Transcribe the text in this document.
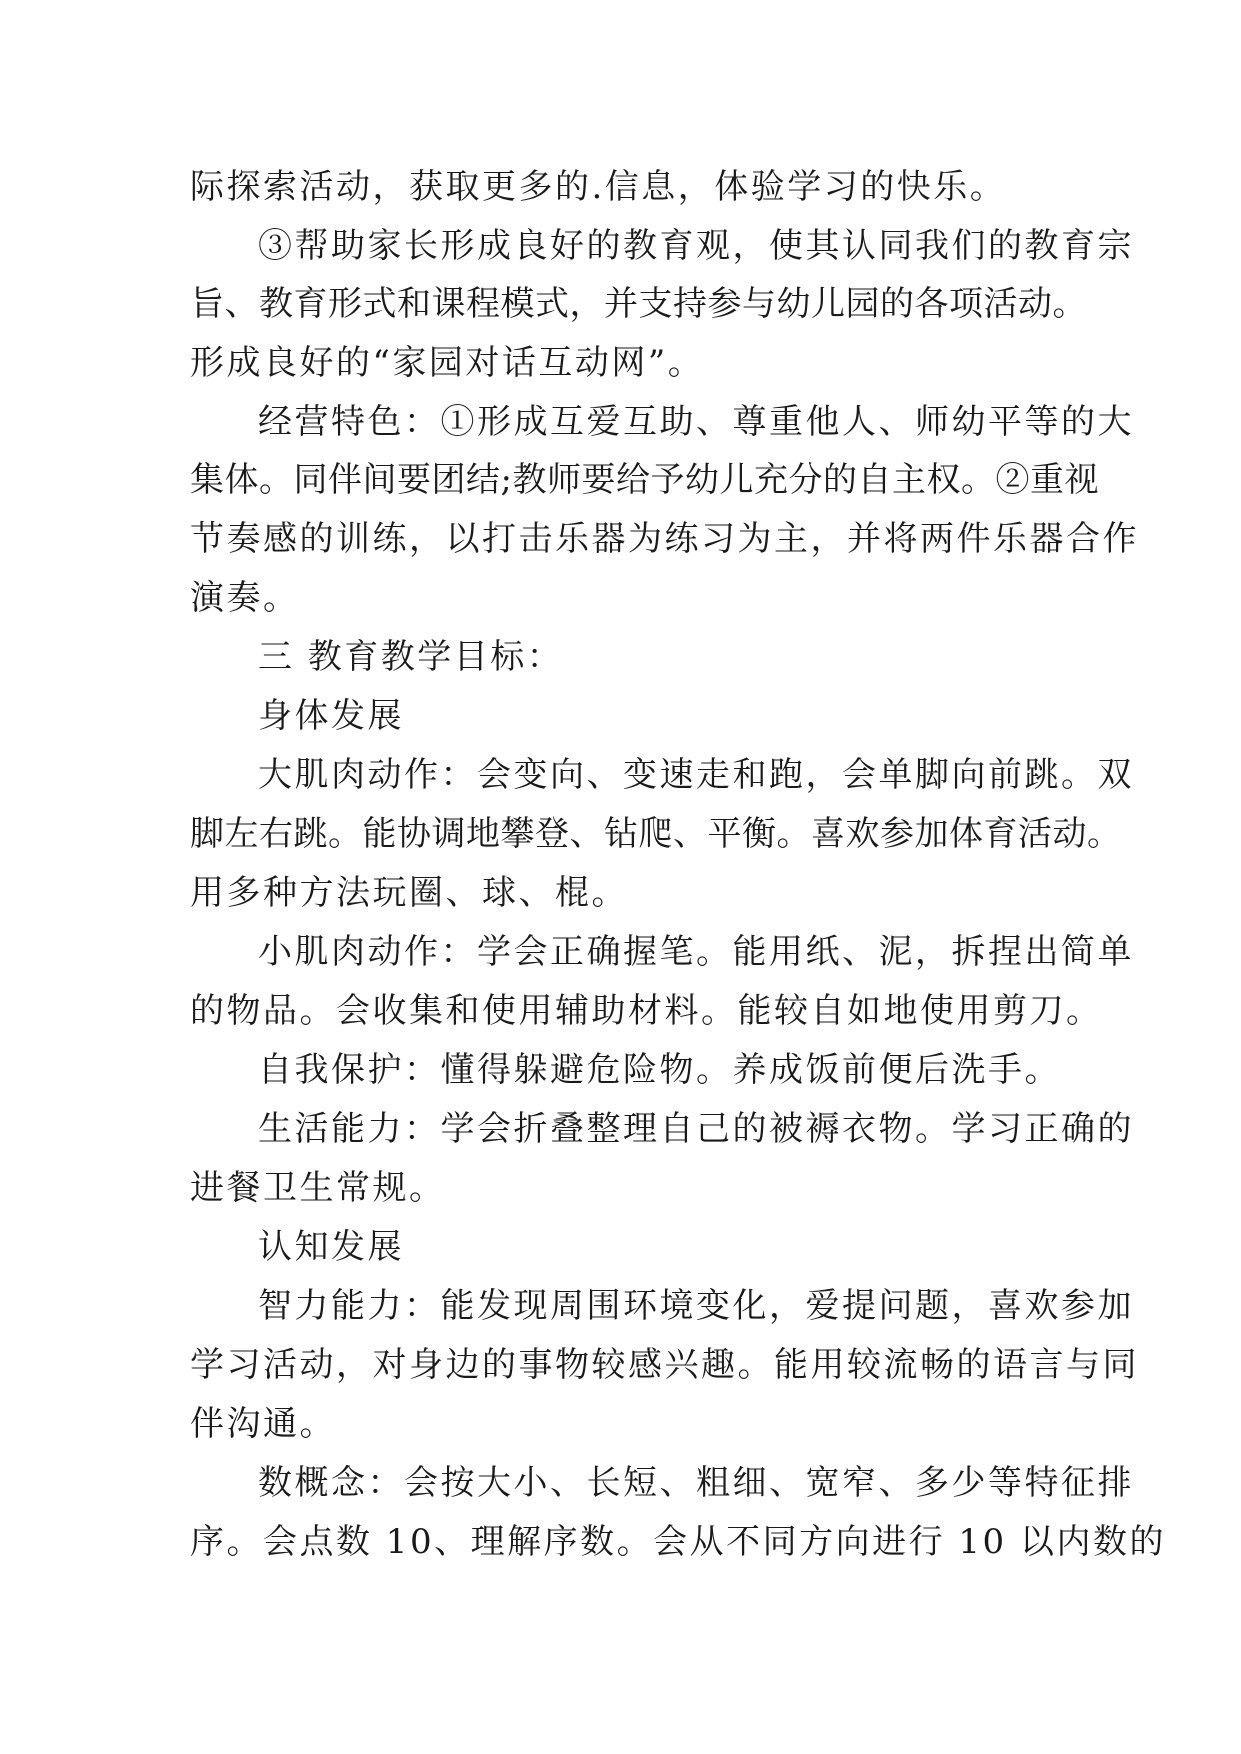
际探索活动，获取更多的.信息，体验学习的快乐。
③帮助家长形成良好的教育观，使其认同我们的教育宗
旨、教育形式和课程模式，并支持参与幼儿园的各项活动。
形成良好的“家园对话互动网”。
经营特色：①形成互爱互助、尊重他人、师幼平等的大
集体。同伴间要团结;教师要给予幼儿充分的自主权。②重视
节奏感的训练，以打击乐器为练习为主，并将两件乐器合作
演奏。
三 教育教学目标：
身体发展
大肌肉动作：会变向、变速走和跑，会单脚向前跳。双
脚左右跳。能协调地攀登、钻爬、平衡。喜欢参加体育活动。
用多种方法玩圈、球、棍。
小肌肉动作：学会正确握笔。能用纸、泥，拆捏出简单
的物品。会收集和使用辅助材料。能较自如地使用剪刀。
自我保护：懂得躲避危险物。养成饭前便后洗手。
生活能力：学会折叠整理自己的被褥衣物。学习正确的
进餐卫生常规。
认知发展
智力能力：能发现周围环境变化，爱提问题，喜欢参加
学习活动，对身边的事物较感兴趣。能用较流畅的语言与同
伴沟通。
数概念：会按大小、长短、粗细、宽窄、多少等特征排
序。会点数 10、理解序数。会从不同方向进行 10 以内数的
